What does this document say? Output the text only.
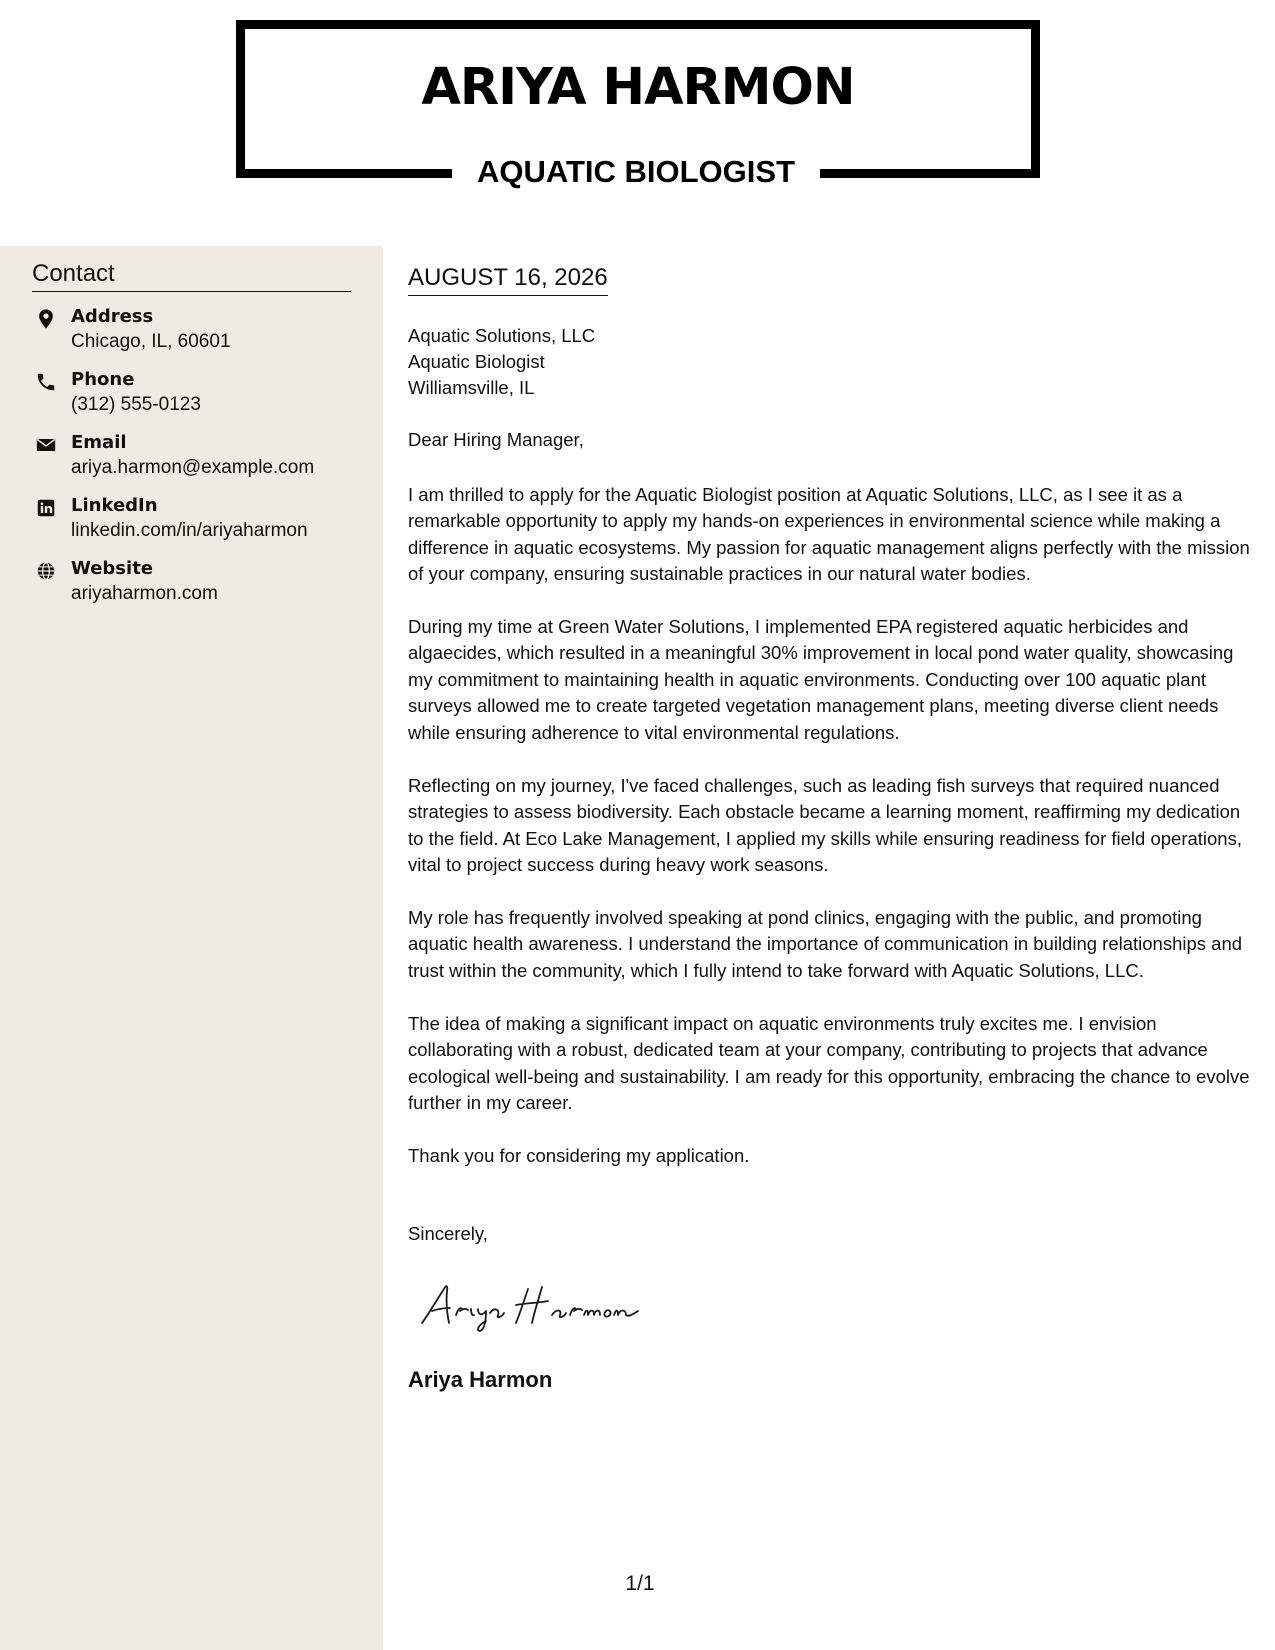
ARIYA HARMON
AQUATIC BIOLOGIST
Contact
Address
Chicago, IL, 60601
Phone
(312) 555-0123
Email
ariya.harmon@example.com
LinkedIn
linkedin.com/in/ariyaharmon
Website
ariyaharmon.com
AUGUST 16, 2026
Aquatic Solutions, LLC
Aquatic Biologist
Williamsville, IL
Dear Hiring Manager,
I am thrilled to apply for the Aquatic Biologist position at Aquatic Solutions, LLC, as I see it as a remarkable opportunity to apply my hands-on experiences in environmental science while making a difference in aquatic ecosystems. My passion for aquatic management aligns perfectly with the mission of your company, ensuring sustainable practices in our natural water bodies.
During my time at Green Water Solutions, I implemented EPA registered aquatic herbicides and algaecides, which resulted in a meaningful 30% improvement in local pond water quality, showcasing my commitment to maintaining health in aquatic environments. Conducting over 100 aquatic plant surveys allowed me to create targeted vegetation management plans, meeting diverse client needs while ensuring adherence to vital environmental regulations.
Reflecting on my journey, I've faced challenges, such as leading fish surveys that required nuanced strategies to assess biodiversity. Each obstacle became a learning moment, reaffirming my dedication to the field. At Eco Lake Management, I applied my skills while ensuring readiness for field operations, vital to project success during heavy work seasons.
My role has frequently involved speaking at pond clinics, engaging with the public, and promoting aquatic health awareness. I understand the importance of communication in building relationships and trust within the community, which I fully intend to take forward with Aquatic Solutions, LLC.
The idea of making a significant impact on aquatic environments truly excites me. I envision collaborating with a robust, dedicated team at your company, contributing to projects that advance ecological well-being and sustainability. I am ready for this opportunity, embracing the chance to evolve further in my career.
Thank you for considering my application.
Sincerely,
Ariya Harmon
1/1
